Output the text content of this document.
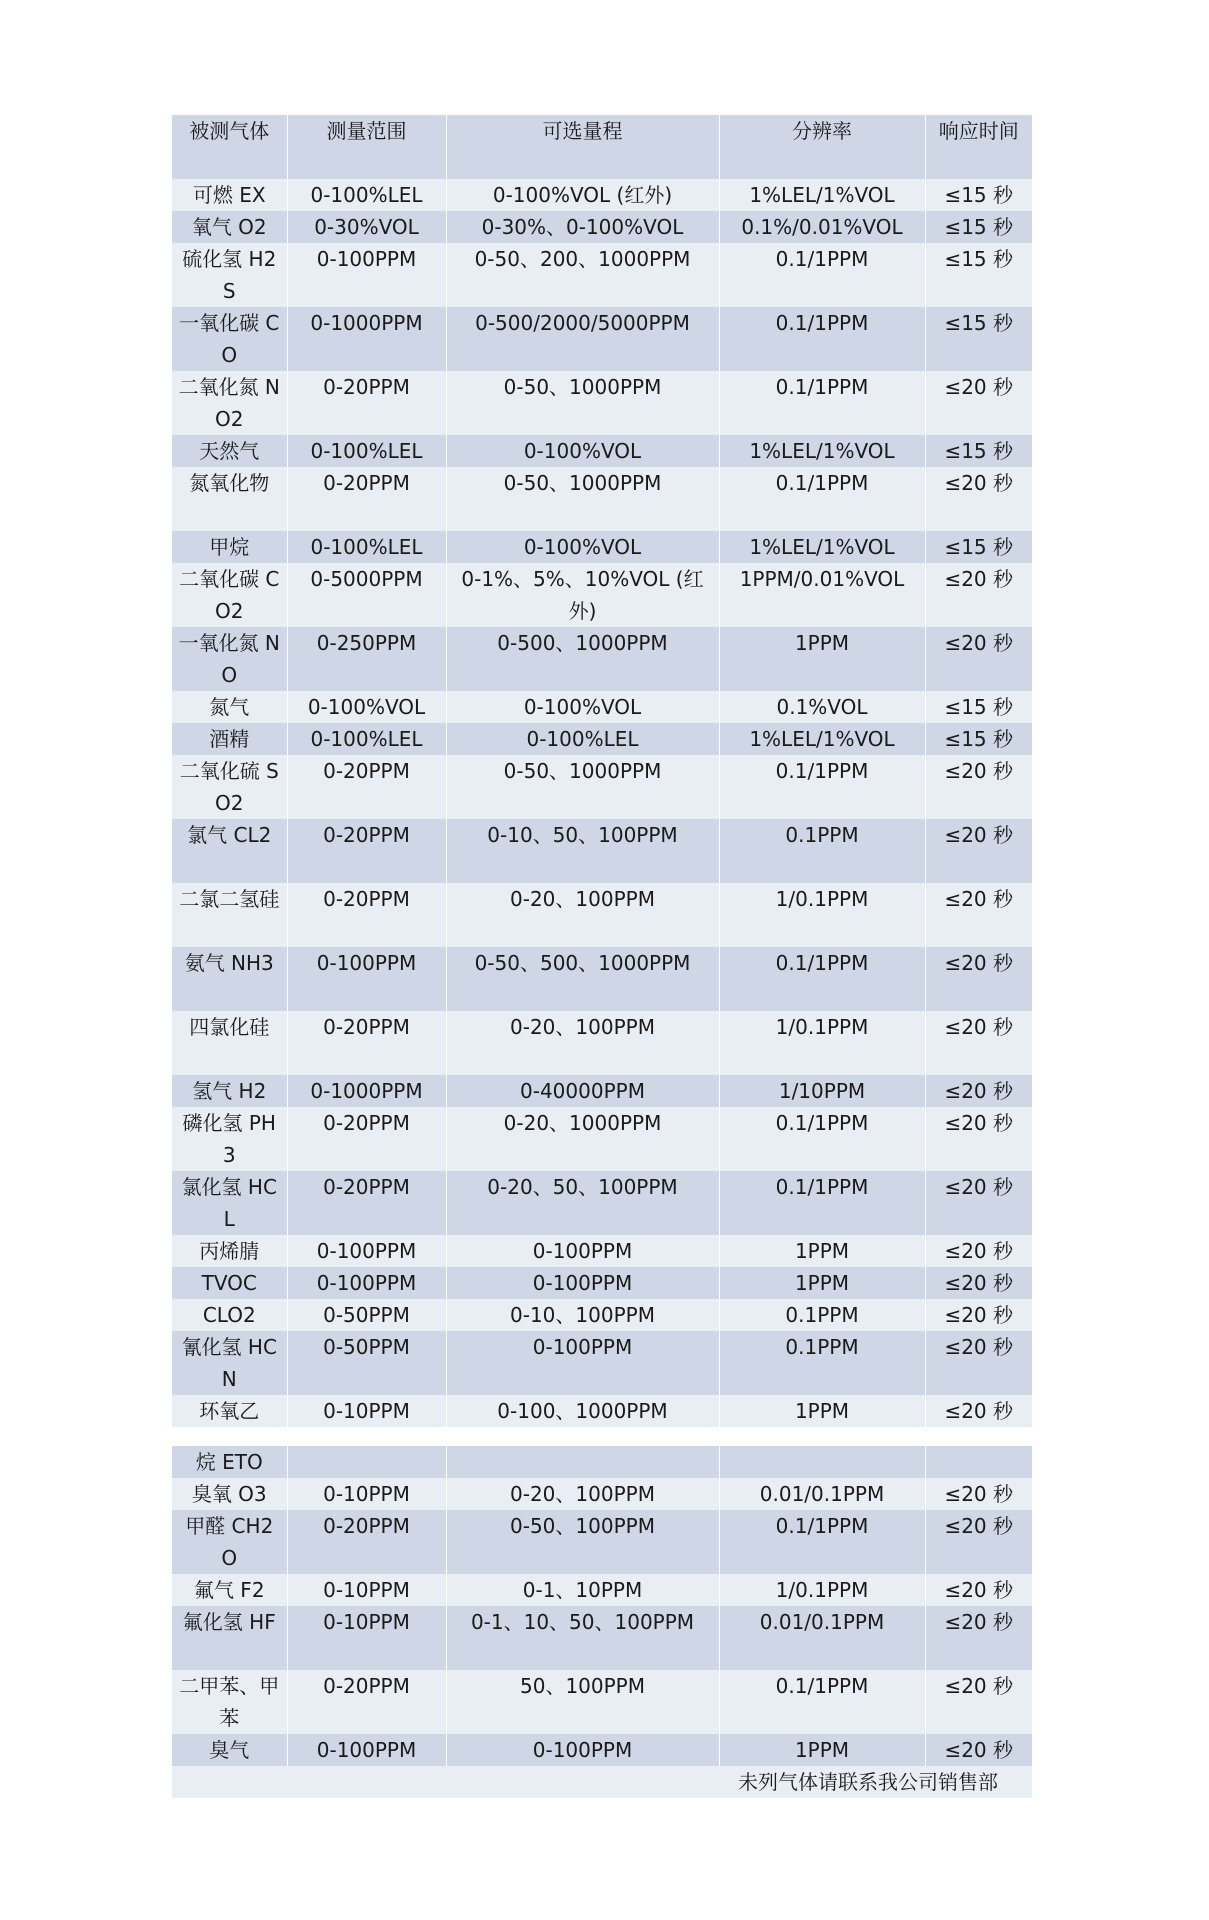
被测气体	测量范围	可选量程	分辨率	响应时间
可燃 EX	0-100%LEL	0-100%VOL (红外)	1%LEL/1%VOL	≤15 秒
氧气 O2	0-30%VOL	0-30%、0-100%VOL	0.1%/0.01%VOL	≤15 秒
硫化氢 H2S	0-100PPM	0-50、200、1000PPM	0.1/1PPM	≤15 秒
一氧化碳 CO	0-1000PPM	0-500/2000/5000PPM	0.1/1PPM	≤15 秒
二氧化氮 NO2	0-20PPM	0-50、1000PPM	0.1/1PPM	≤20 秒
天然气	0-100%LEL	0-100%VOL	1%LEL/1%VOL	≤15 秒
氮氧化物	0-20PPM	0-50、1000PPM	0.1/1PPM	≤20 秒
甲烷	0-100%LEL	0-100%VOL	1%LEL/1%VOL	≤15 秒
二氧化碳 CO2	0-5000PPM	0-1%、5%、10%VOL (红外)	1PPM/0.01%VOL	≤20 秒
一氧化氮 NO	0-250PPM	0-500、1000PPM	1PPM	≤20 秒
氮气	0-100%VOL	0-100%VOL	0.1%VOL	≤15 秒
酒精	0-100%LEL	0-100%LEL	1%LEL/1%VOL	≤15 秒
二氧化硫 SO2	0-20PPM	0-50、1000PPM	0.1/1PPM	≤20 秒
氯气 CL2	0-20PPM	0-10、50、100PPM	0.1PPM	≤20 秒
二氯二氢硅	0-20PPM	0-20、100PPM	1/0.1PPM	≤20 秒
氨气 NH3	0-100PPM	0-50、500、1000PPM	0.1/1PPM	≤20 秒
四氯化硅	0-20PPM	0-20、100PPM	1/0.1PPM	≤20 秒
氢气 H2	0-1000PPM	0-40000PPM	1/10PPM	≤20 秒
磷化氢 PH3	0-20PPM	0-20、1000PPM	0.1/1PPM	≤20 秒
氯化氢 HCL	0-20PPM	0-20、50、100PPM	0.1/1PPM	≤20 秒
丙烯腈	0-100PPM	0-100PPM	1PPM	≤20 秒
TVOC	0-100PPM	0-100PPM	1PPM	≤20 秒
CLO2	0-50PPM	0-10、100PPM	0.1PPM	≤20 秒
氰化氢 HCN	0-50PPM	0-100PPM	0.1PPM	≤20 秒
环氧乙	0-10PPM	0-100、1000PPM	1PPM	≤20 秒
烷 ETO				
臭氧 O3	0-10PPM	0-20、100PPM	0.01/0.1PPM	≤20 秒
甲醛 CH2O	0-20PPM	0-50、100PPM	0.1/1PPM	≤20 秒
氟气 F2	0-10PPM	0-1、10PPM	1/0.1PPM	≤20 秒
氟化氢 HF	0-10PPM	0-1、10、50、100PPM	0.01/0.1PPM	≤20 秒
二甲苯、甲苯	0-20PPM	50、100PPM	0.1/1PPM	≤20 秒
臭气	0-100PPM	0-100PPM	1PPM	≤20 秒
未列气体请联系我公司销售部				
